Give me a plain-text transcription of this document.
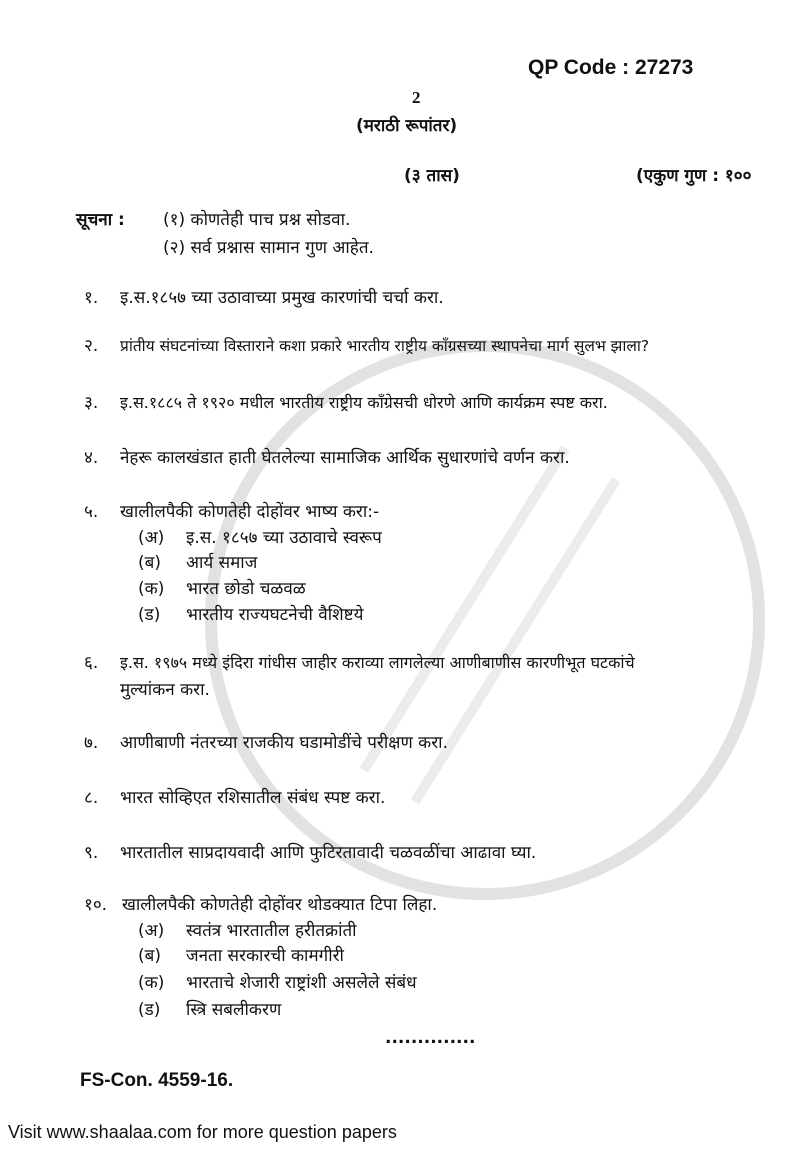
QP Code : 27273
2
(मराठी रूपांतर)
(३ तास)	(एकुण गुण : १००
सूचना : (१) कोणतेही पाच प्रश्न सोडवा.
(२) सर्व प्रश्नास सामान गुण आहेत.
१. इ.स.१८५७ च्या उठावाच्या प्रमुख कारणांची चर्चा करा.
२. प्रांतीय संघटनांच्या विस्ताराने कशा प्रकारे भारतीय राष्ट्रीय काँग्रसच्या स्थापनेचा मार्ग सुलभ झाला?
३. इ.स.१८८५ ते १९२० मधील भारतीय राष्ट्रीय काँग्रेसची धोरणे आणि कार्यक्रम स्पष्ट करा.
४. नेहरू कालखंडात हाती घेतलेल्या सामाजिक आर्थिक सुधारणांचे वर्णन करा.
५. खालीलपैकी कोणतेही दोहोंवर भाष्य करा:-
(अ) इ.स. १८५७ च्या उठावाचे स्वरूप
(ब) आर्य समाज
(क) भारत छोडो चळवळ
(ड) भारतीय राज्यघटनेची वैशिष्टये
६. इ.स. १९७५ मध्ये इंदिरा गांधीस जाहीर कराव्या लागलेल्या आणीबाणीस कारणीभूत घटकांचे
मुल्यांकन करा.
७. आणीबाणी नंतरच्या राजकीय घडामोडींचे परीक्षण करा.
८. भारत सोव्हिएत रशिसातील संबंध स्पष्ट करा.
९. भारतातील साप्रदायवादी आणि फुटिरतावादी चळवळींचा आढावा घ्या.
१०. खालीलपैकी कोणतेही दोहोंवर थोडक्यात टिपा लिहा.
(अ) स्वतंत्र भारतातील हरीतक्रांती
(ब) जनता सरकारची कामगीरी
(क) भारताचे शेजारी राष्ट्रांशी असलेले संबंध
(ड) स्त्रि सबलीकरण
..............
FS-Con. 4559-16.
Visit www.shaalaa.com for more question papers
